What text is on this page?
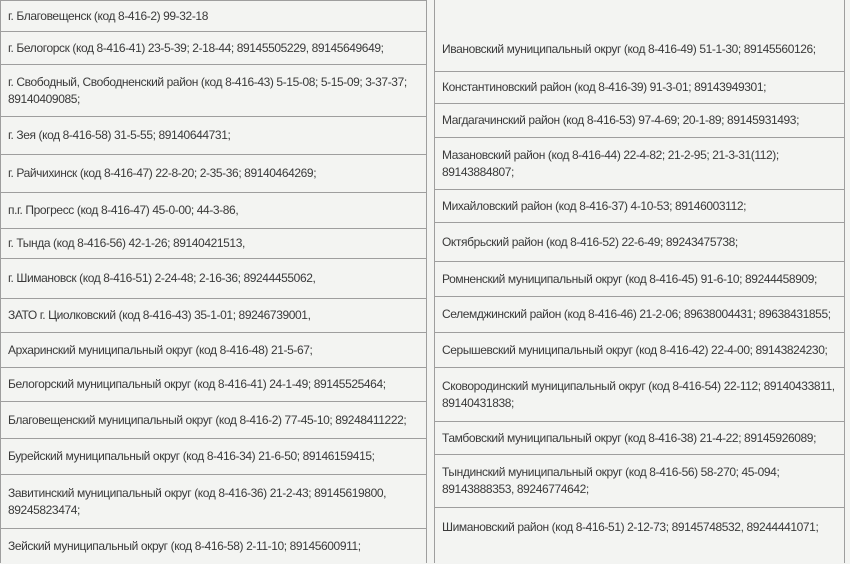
г. Благовещенск (код 8-416-2) 99-32-18
г. Белогорск (код 8-416-41) 23-5-39; 2-18-44; 89145505229, 89145649649;
г. Свободный, Свободненский район (код 8-416-43) 5-15-08; 5-15-09; 3-37-37; 89140409085;
г. Зея (код 8-416-58) 31-5-55; 89140644731;
г. Райчихинск (код 8-416-47) 22-8-20; 2-35-36; 89140464269;
п.г. Прогресс (код 8-416-47) 45-0-00; 44-3-86,
г. Тында (код 8-416-56) 42-1-26; 89140421513,
г. Шимановск (код 8-416-51) 2-24-48; 2-16-36; 89244455062,
ЗАТО г. Циолковский (код 8-416-43) 35-1-01; 89246739001,
Архаринский муниципальный округ (код 8-416-48) 21-5-67;
Белогорский муниципальный округ (код 8-416-41) 24-1-49; 89145525464;
Благовещенский муниципальный округ (код 8-416-2) 77-45-10; 89248411222;
Бурейский муниципальный округ (код 8-416-34) 21-6-50; 89146159415;
Завитинский муниципальный округ (код 8-416-36) 21-2-43; 89145619800, 89245823474;
Зейский муниципальный округ (код 8-416-58) 2-11-10; 89145600911;
Ивановский муниципальный округ (код 8-416-49) 51-1-30; 89145560126;
Константиновский район (код 8-416-39) 91-3-01; 89143949301;
Магдагачинский район (код 8-416-53) 97-4-69; 20-1-89; 89145931493;
Мазановский район (код 8-416-44) 22-4-82; 21-2-95; 21-3-31(112); 89143884807;
Михайловский район (код 8-416-37) 4-10-53; 89146003112;
Октябрьский район (код 8-416-52) 22-6-49; 89243475738;
Ромненский муниципальный округ (код 8-416-45) 91-6-10; 89244458909;
Селемджинский район (код 8-416-46) 21-2-06; 89638004431; 89638431855;
Серышевский муниципальный округ (код 8-416-42) 22-4-00; 89143824230;
Сковородинский муниципальный округ (код 8-416-54) 22-112; 89140433811, 89140431838;
Тамбовский муниципальный округ (код 8-416-38) 21-4-22; 89145926089;
Тындинский муниципальный округ (код 8-416-56) 58-270; 45-094; 89143888353, 89246774642;
Шимановский район (код 8-416-51) 2-12-73; 89145748532, 89244441071;
